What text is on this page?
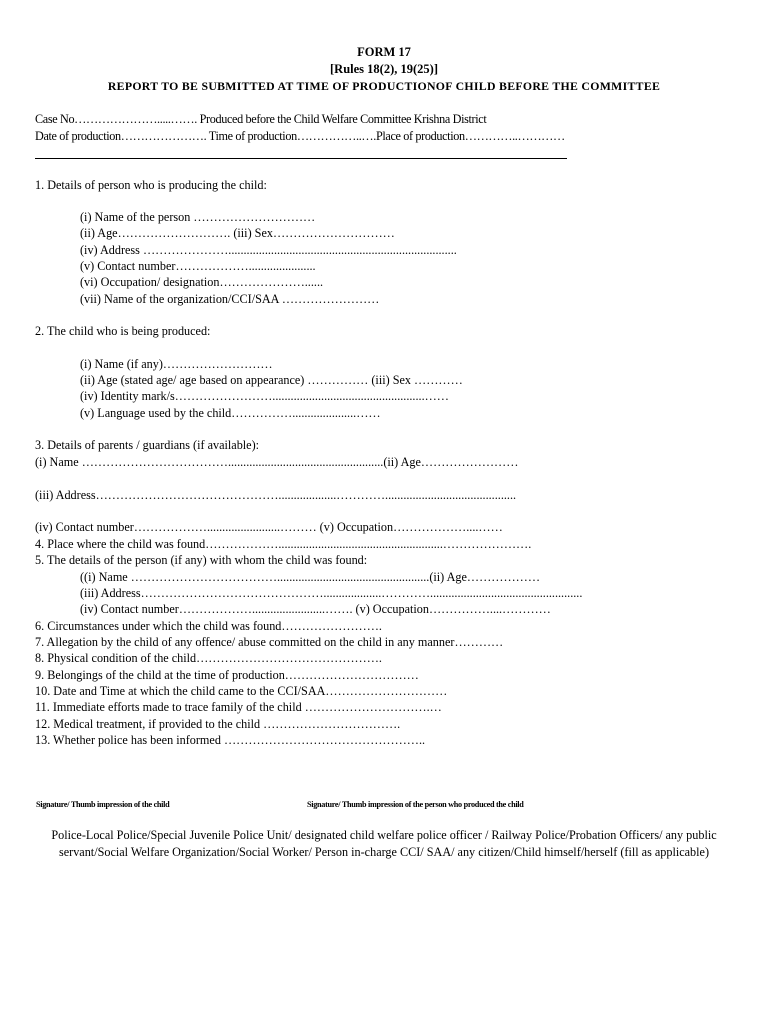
FORM 17
[Rules 18(2), 19(25)]
REPORT TO BE SUBMITTED AT TIME OF PRODUCTIONOF CHILD BEFORE THE COMMITTEE
Case No………………….....……. Produced before the Child Welfare Committee Krishna District
Date of production…………………. Time of production……………..….Place of production…………..…………
1. Details of person who is producing the child:
(i) Name of the person …………………………
(ii) Age………………………. (iii) Sex…………………………
(iv) Address …………………...........................................................................
(v) Contact number………………......................
(vi) Occupation/ designation…………………......
(vii) Name of the organization/CCI/SAA ……………………
2. The child who is being produced:
(i) Name (if any)………………………
(ii) Age (stated age/ age based on appearance) …………… (iii) Sex …………
(iv) Identity mark/s……………………..................................................……
(v) Language used by the child…………….....................……
3. Details of parents / guardians (if available):
(i) Name ………………………………...................................................(ii) Age……………………
(iii) Address………………………………………...................…………...........................................
(iv) Contact number………………........................……… (v) Occupation………………....……
4. Place where the child was found………………......................................................………………….
5. The details of the person (if any) with whom the child was found:
((i) Name ………………………………..................................................(ii) Age………………
(iii) Address………………………………………...................…………..................................................
(iv) Contact number………………........................……. (v) Occupation……………....…………
6. Circumstances under which the child was found…………………….
7. Allegation by the child of any offence/ abuse committed on the child in any manner…………
8. Physical condition of the child……………………………………….
9. Belongings of the child at the time of production……………………………
10. Date and Time at which the child came to the CCI/SAA…………………………
11. Immediate efforts made to trace family of the child ………………………….…
12. Medical treatment, if provided to the child …………………………….
13. Whether police has been informed …………………………………………..
Signature/ Thumb impression of the child	Signature/ Thumb impression of the person who produced the child
Police-Local Police/Special Juvenile Police Unit/ designated child welfare police officer / Railway Police/Probation Officers/ any public servant/Social Welfare Organization/Social Worker/ Person in-charge CCI/ SAA/ any citizen/Child himself/herself (fill as applicable)
